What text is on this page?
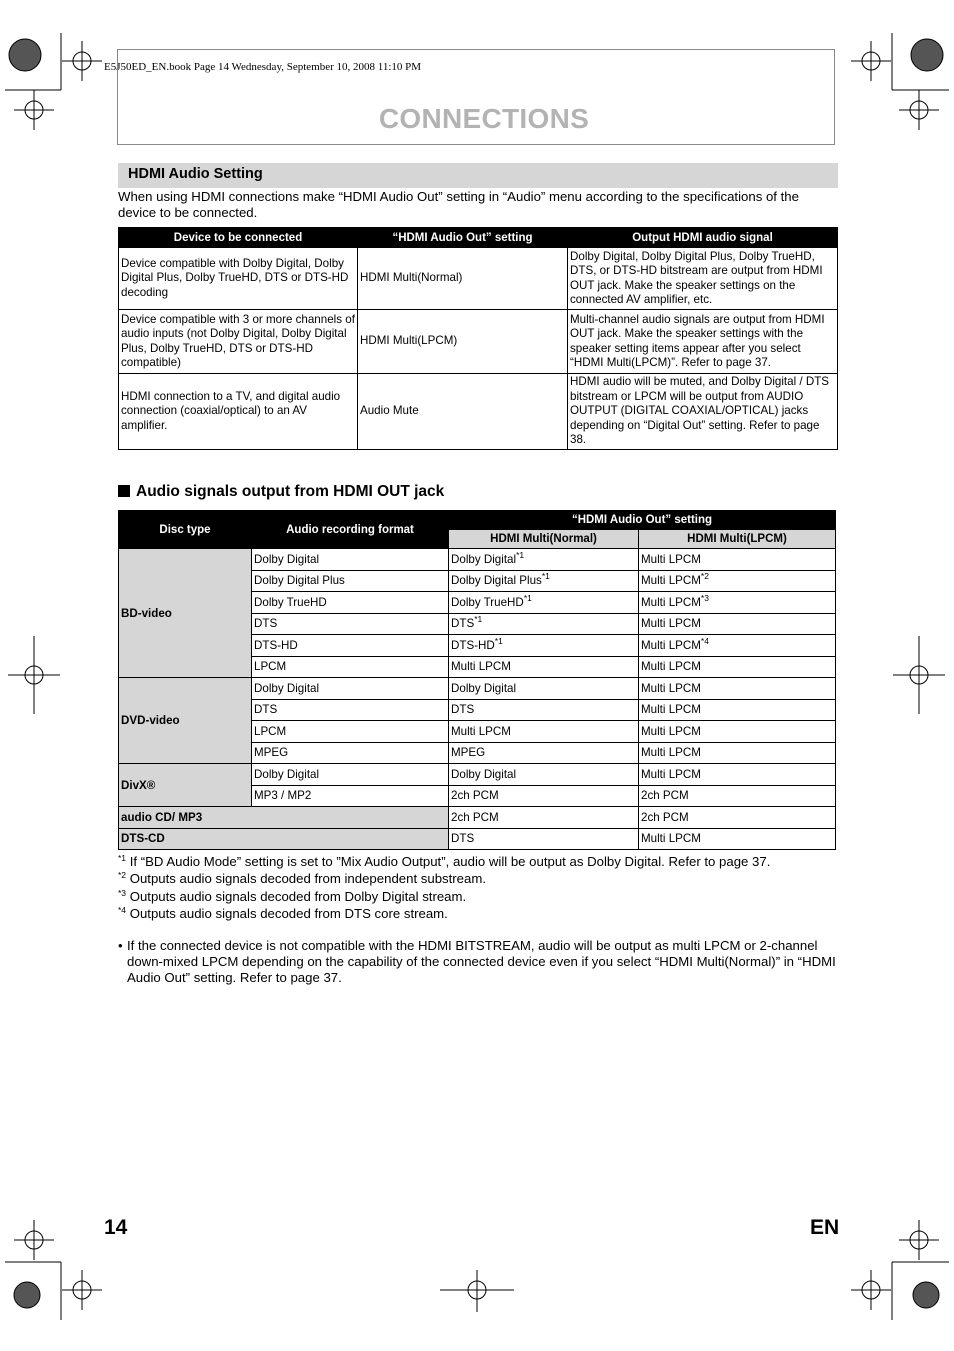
E5J50ED_EN.book Page 14 Wednesday, September 10, 2008 11:10 PM
CONNECTIONS
HDMI Audio Setting
When using HDMI connections make “HDMI Audio Out” setting in “Audio” menu according to the specifications of the device to be connected.
Device to be connected	“HDMI Audio Out” setting	Output HDMI audio signal
Device compatible with Dolby Digital, Dolby Digital Plus, Dolby TrueHD, DTS or DTS-HD decoding	HDMI Multi(Normal)	Dolby Digital, Dolby Digital Plus, Dolby TrueHD, DTS, or DTS-HD bitstream are output from HDMI OUT jack. Make the speaker settings on the connected AV amplifier, etc.
Device compatible with 3 or more channels of audio inputs (not Dolby Digital, Dolby Digital Plus, Dolby TrueHD, DTS or DTS-HD compatible)	HDMI Multi(LPCM)	Multi-channel audio signals are output from HDMI OUT jack. Make the speaker settings with the speaker setting items appear after you select “HDMI Multi(LPCM)”. Refer to page 37.
HDMI connection to a TV, and digital audio connection (coaxial/optical) to an AV amplifier.	Audio Mute	HDMI audio will be muted, and Dolby Digital / DTS bitstream or LPCM will be output from AUDIO OUTPUT (DIGITAL COAXIAL/OPTICAL) jacks depending on “Digital Out” setting. Refer to page 38.
Audio signals output from HDMI OUT jack
Disc type	Audio recording format	“HDMI Audio Out” setting	
		HDMI Multi(Normal)	HDMI Multi(LPCM)
BD-video	Dolby Digital	Dolby Digital$^{*1}$	Multi LPCM
	Dolby Digital Plus	Dolby Digital Plus$^{*1}$	Multi LPCM$^{*2}$
	Dolby TrueHD	Dolby TrueHD$^{*1}$	Multi LPCM$^{*3}$
	DTS	DTS$^{*1}$	Multi LPCM
	DTS-HD	DTS-HD$^{*1}$	Multi LPCM$^{*4}$
	LPCM	Multi LPCM	Multi LPCM
DVD-video	Dolby Digital	Dolby Digital	Multi LPCM
	DTS	DTS	Multi LPCM
	LPCM	Multi LPCM	Multi LPCM
	MPEG	MPEG	Multi LPCM
DivX®	Dolby Digital	Dolby Digital	Multi LPCM
	MP3 / MP2	2ch PCM	2ch PCM
audio CD/ MP3		2ch PCM	2ch PCM
DTS-CD		DTS	Multi LPCM
$^{*1}$ If “BD Audio Mode” setting is set to ”Mix Audio Output”, audio will be output as Dolby Digital. Refer to page 37.
$^{*2}$ Outputs audio signals decoded from independent substream.
$^{*3}$ Outputs audio signals decoded from Dolby Digital stream.
$^{*4}$ Outputs audio signals decoded from DTS core stream.
• If the connected device is not compatible with the HDMI BITSTREAM, audio will be output as multi LPCM or 2-channel down-mixed LPCM depending on the capability of the connected device even if you select “HDMI Multi(Normal)” in “HDMI Audio Out” setting. Refer to page 37.
14	EN
